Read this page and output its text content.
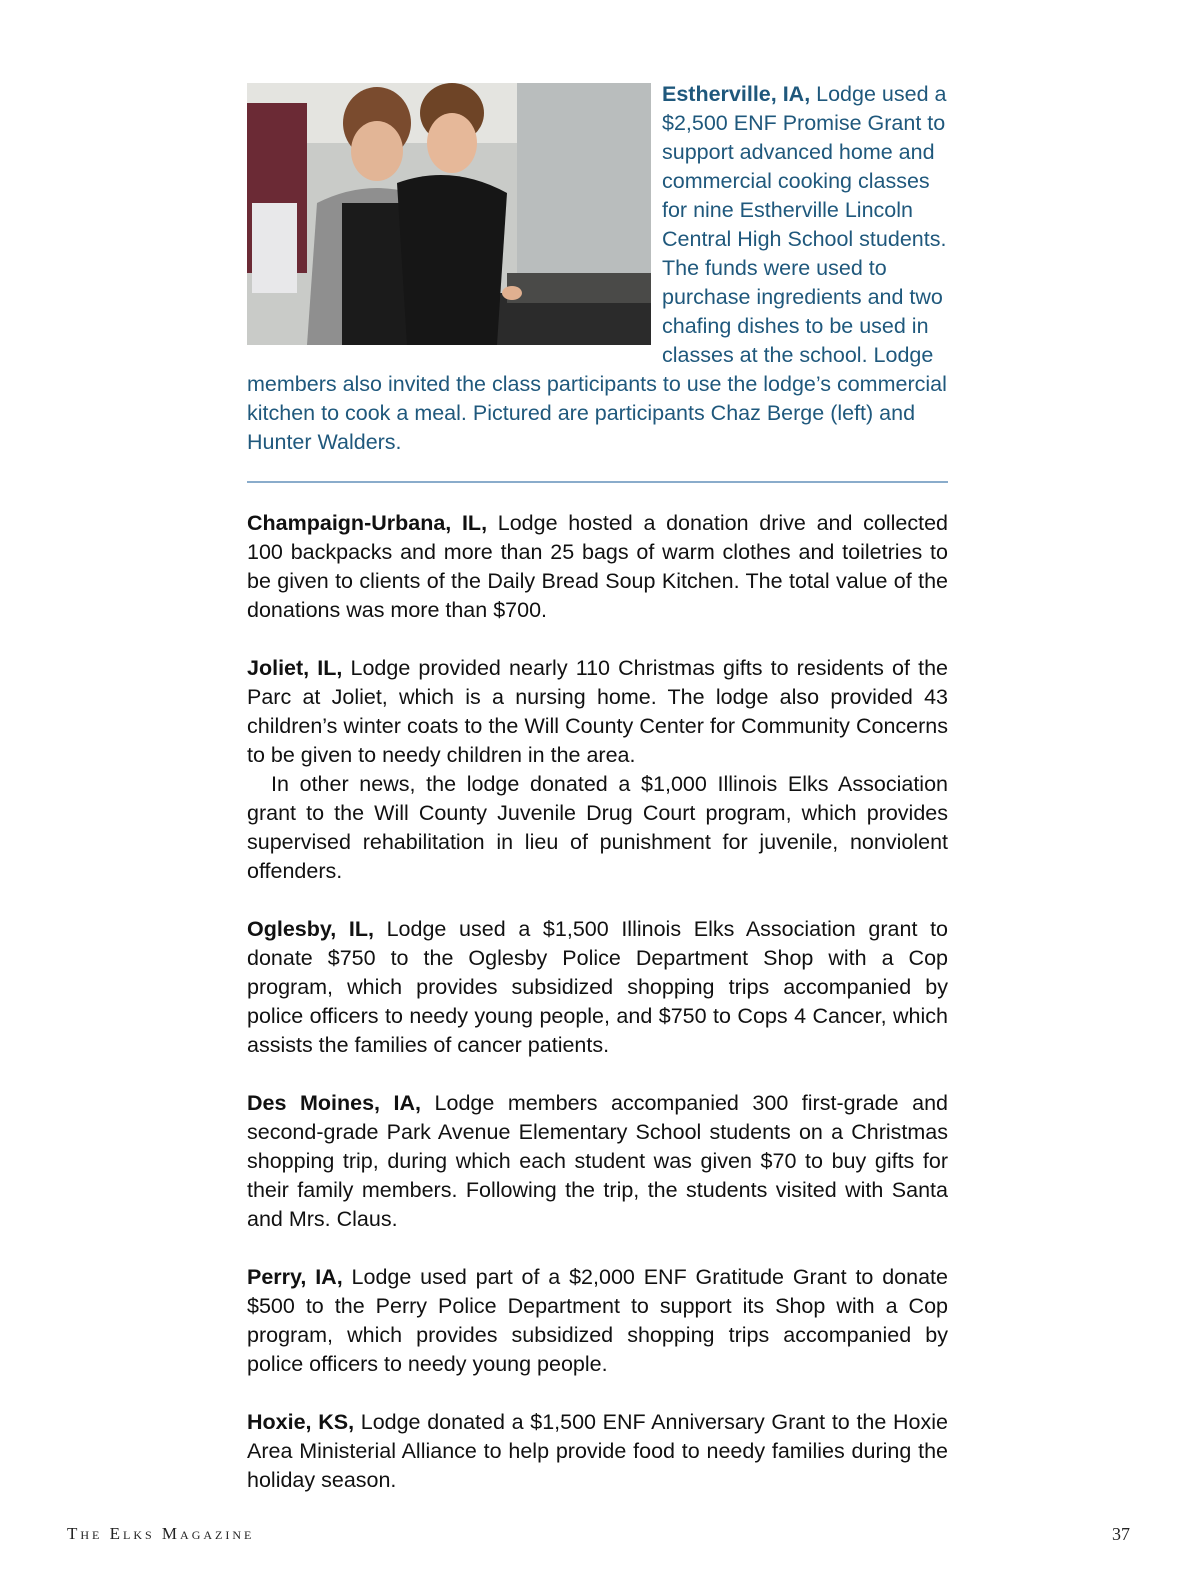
Estherville, IA, Lodge used a $2,500 ENF Promise Grant to support advanced home and commercial cooking classes for nine Estherville Lincoln Central High School students. The funds were used to purchase ingredients and two chafing dishes to be used in classes at the school. Lodge members also invited the class participants to use the lodge’s commercial kitchen to cook a meal. Pictured are participants Chaz Berge (left) and Hunter Walders.

Champaign-Urbana, IL, Lodge hosted a donation drive and collected 100 backpacks and more than 25 bags of warm clothes and toiletries to be given to clients of the Daily Bread Soup Kitchen. The total value of the donations was more than $700.

Joliet, IL, Lodge provided nearly 110 Christmas gifts to residents of the Parc at Joliet, which is a nursing home. The lodge also provided 43 children’s winter coats to the Will County Center for Community Concerns to be given to needy children in the area.

In other news, the lodge donated a $1,000 Illinois Elks Association grant to the Will County Juvenile Drug Court program, which provides supervised rehabilitation in lieu of punishment for juvenile, nonviolent offenders.

Oglesby, IL, Lodge used a $1,500 Illinois Elks Association grant to donate $750 to the Oglesby Police Department Shop with a Cop program, which provides subsidized shopping trips accompanied by police officers to needy young people, and $750 to Cops 4 Cancer, which assists the families of cancer patients.

Des Moines, IA, Lodge members accompanied 300 first-grade and second-grade Park Avenue Elementary School students on a Christmas shopping trip, during which each student was given $70 to buy gifts for their family members. Following the trip, the students visited with Santa and Mrs. Claus.

Perry, IA, Lodge used part of a $2,000 ENF Gratitude Grant to donate $500 to the Perry Police Department to support its Shop with a Cop program, which provides subsidized shopping trips accompanied by police officers to needy young people.

Hoxie, KS, Lodge donated a $1,500 ENF Anniversary Grant to the Hoxie Area Ministerial Alliance to help provide food to needy families during the holiday season.

The Elks Magazine	37
